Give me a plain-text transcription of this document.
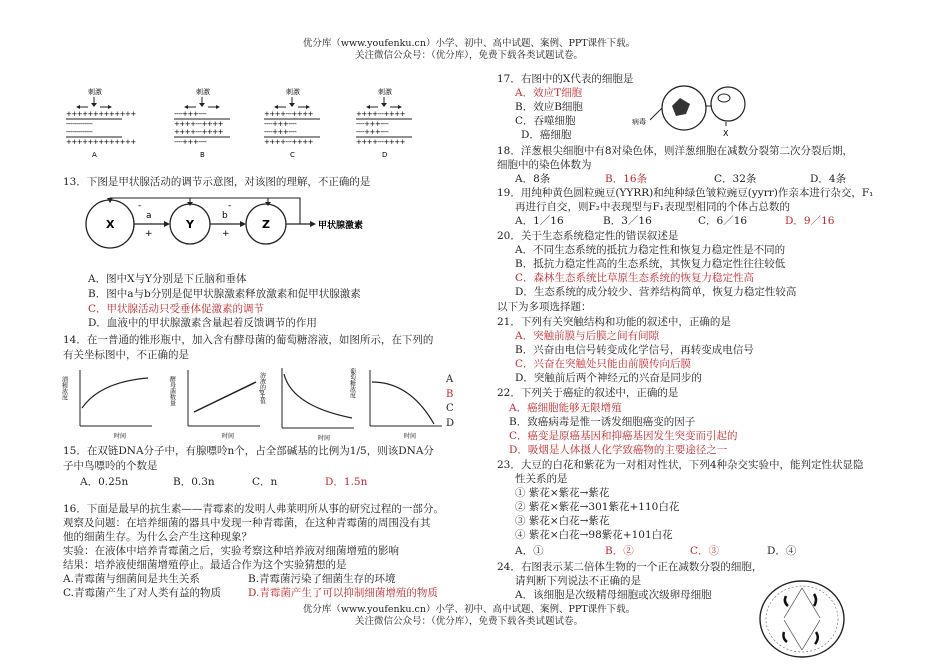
优分库（www.youfenku.cn）小学、初中、高中试题、案例、PPT课件下载。
关注微信公众号：（优分库），免费下载各类试题试卷。
刺激
+++++++++++++
-------------
-------------
+++++++++++++
A
刺激
----+++----
++++---++++
++++---++++
----+++----
B
刺激
++++---++++
----+++----
----+++----
++++---++++
C
刺激
++++---++++
----+++----
----+++----
++++---++++
D
13．下图是甲状腺活动的调节示意图，对该图的理解，不正确的是
X	Y	Z
a
+
b
+
甲状腺激素
-	-
A．图中X与Y分别是下丘脑和垂体
B．图中a与b分别是促甲状腺激素释放激素和促甲状腺激素
C．甲状腺活动只受垂体促激素的调节
D．血液中的甲状腺激素含量起着反馈调节的作用
14．在一普通的锥形瓶中，加入含有酵母菌的葡萄糖溶液，如图所示，在下列的
有关坐标图中，不正确的是
酒精浓度
时间
酵母菌数量
时间
溶液的pH值
时间
葡萄糖浓度
时间
A
B
C
D
15．在双链DNA分子中，有腺嘌呤n个，占全部碱基的比例为1/5，则该DNA分
子中鸟嘌呤的个数是
A．0.25n	B．0.3n	C．n	D．1.5n
16．下面是最早的抗生素——青霉素的发明人弗莱明所从事的研究过程的一部分。
观察及问题：在培养细菌的器具中发现一种青霉菌，在这种青霉菌的周围没有其
他的细菌生存。为什么会产生这种现象？
实验：在液体中培养青霉菌之后，实验考察这种培养液对细菌增殖的影响
结果：培养液使细菌增殖停止。最适合作为这个实验猜想的是
A.青霉菌与细菌间是共生关系	B.青霉菌污染了细菌生存的环境
C.青霉菌产生了对人类有益的物质	D.青霉菌产生了可以抑制细菌增殖的物质
17．右图中的X代表的细胞是
A．效应T细胞
B．效应B细胞
C．吞噬细胞
D．癌细胞
病毒
X
18．洋葱根尖细胞中有8对染色体，则洋葱细胞在减数分裂第二次分裂后期，
细胞中的染色体数为
A．8条	B．16条	C．32条	D．4条
19．用纯种黄色圆粒豌豆(YYRR)和纯种绿色皱粒豌豆(yyrr)作亲本进行杂交，F₁
再进行自交，则F₂中表现型与F₁表现型相同的个体占总数的
A．1／16	B．3／16	C．6／16	D．9／16
20．关于生态系统稳定性的错误叙述是
A．不同生态系统的抵抗力稳定性和恢复力稳定性是不同的
B．抵抗力稳定性高的生态系统，其恢复力稳定性往往较低
C．森林生态系统比草原生态系统的恢复力稳定性高
D．生态系统的成分较少、营养结构简单，恢复力稳定性较高
以下为多项选择题：
21．下列有关突触结构和功能的叙述中，正确的是
A．突触前膜与后膜之间有间隙
B．兴奋由电信号转变成化学信号，再转变成电信号
C．兴奋在突触处只能由前膜传向后膜
D．突触前后两个神经元的兴奋是同步的
22．下列关于癌症的叙述中，正确的是
A．癌细胞能够无限增殖
B．致癌病毒是惟一诱发细胞癌变的因子
C．癌变是原癌基因和抑癌基因发生突变而引起的
D．吸烟是人体摄人化学致癌物的主要途径之一
23．大豆的白花和紫花为一对相对性状，下列4种杂交实验中，能判定性状显隐
性关系的是
① 紫花×紫花→紫花
② 紫花×紫花→301紫花+110白花
③ 紫花×白花→紫花
④ 紫花×白花→98紫花+101白花
A．①	B．②	C．③	D．④
24．右图表示某二倍体生物的一个正在减数分裂的细胞，
请判断下列说法不正确的是
A．该细胞是次级精母细胞或次级卵母细胞
优分库（www.youfenku.cn）小学、初中、高中试题、案例、PPT课件下载。
关注微信公众号：（优分库），免费下载各类试题试卷。
